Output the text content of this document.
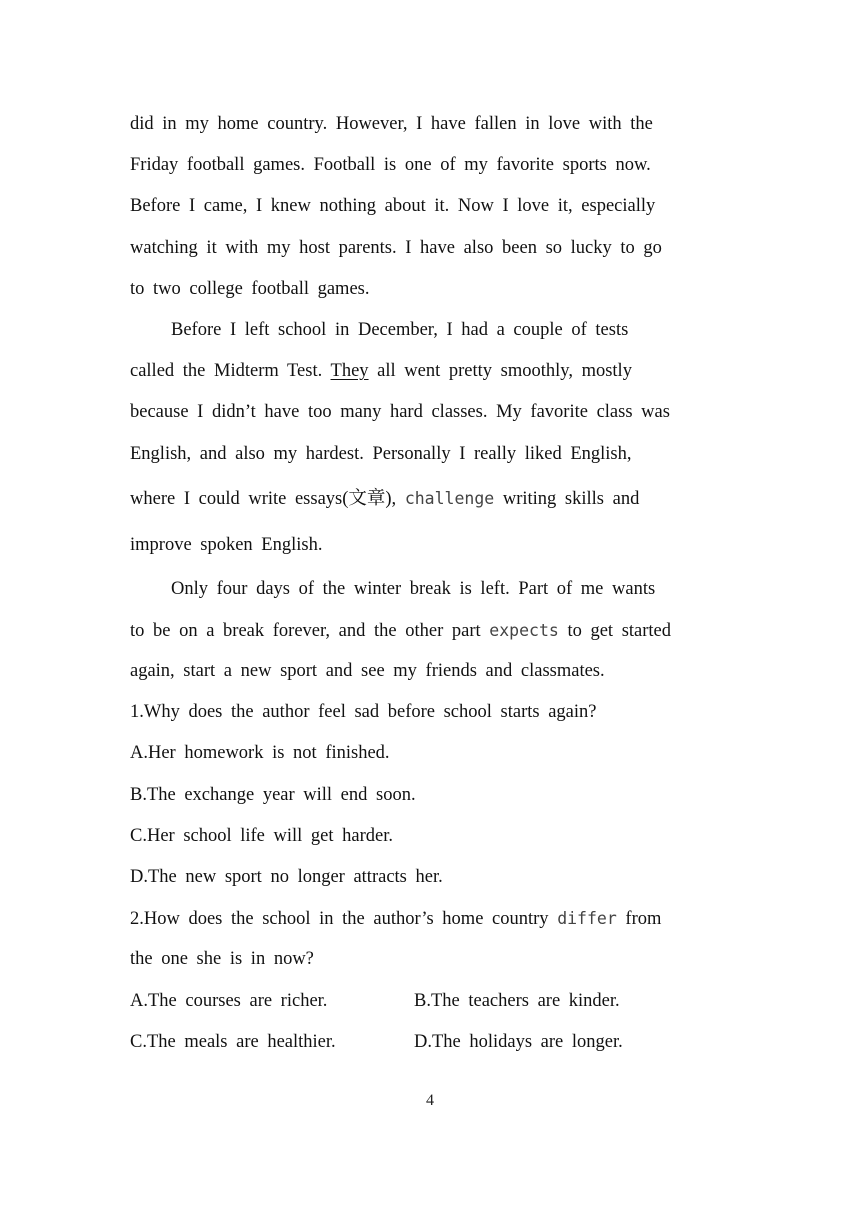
did in my home country. However, I have fallen in love with the
Friday football games. Football is one of my favorite sports now.
Before I came, I knew nothing about it. Now I love it, especially
watching it with my host parents. I have also been so lucky to go
to two college football games.
Before I left school in December, I had a couple of tests
called the Midterm Test. They all went pretty smoothly, mostly
because I didn’t have too many hard classes. My favorite class was
English, and also my hardest. Personally I really liked English,
where I could write essays(文章), challenge writing skills and
improve spoken English.
Only four days of the winter break is left. Part of me wants
to be on a break forever, and the other part expects to get started
again, start a new sport and see my friends and classmates.
1.Why does the author feel sad before school starts again?
A.Her homework is not finished.
B.The exchange year will end soon.
C.Her school life will get harder.
D.The new sport no longer attracts her.
2.How does the school in the author’s home country differ from
the one she is in now?
A.The courses are richer.	B.The teachers are kinder.
C.The meals are healthier.	D.The holidays are longer.
4
